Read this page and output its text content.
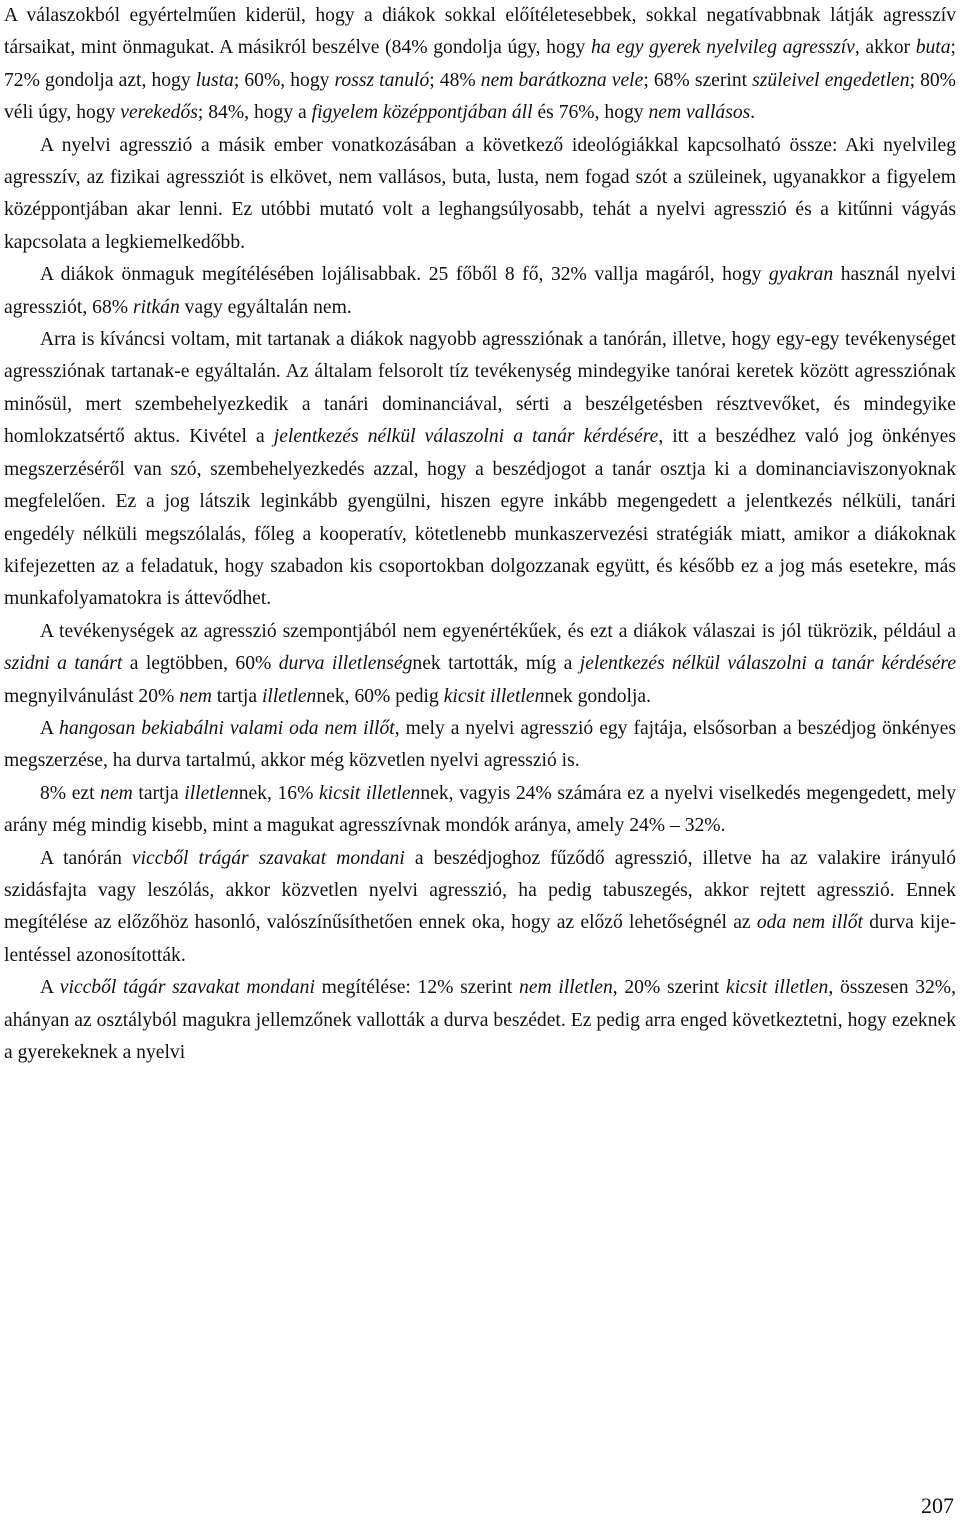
A válaszokból egyértelműen kiderül, hogy a diákok sokkal előítéletesebbek, sokkal negatívabbnak látják agresszív társaikat, mint önmagukat. A másikról beszélve (84% gondolja úgy, hogy ha egy gyerek nyelvileg agresszív, akkor buta; 72% gondolja azt, hogy lusta; 60%, hogy rossz tanuló; 48% nem barátkozna vele; 68% szerint szüleivel engedetlen; 80% véli úgy, hogy verekedős; 84%, hogy a figyelem középpontjában áll és 76%, hogy nem vallásos.

A nyelvi agresszió a másik ember vonatkozásában a következő ideológiákkal kapcsolható össze: Aki nyelvileg agresszív, az fizikai agressziót is elkövet, nem vallásos, buta, lusta, nem fogad szót a szüleinek, ugyanakkor a figyelem középpontjában akar lenni. Ez utóbbi mutató volt a leghangsúlyosabb, tehát a nyelvi agresszió és a kitűnni vágyás kapcsolata a legkiemelkedőbb.

A diákok önmaguk megítélésében lojálisabbak. 25 főből 8 fő, 32% vallja magáról, hogy gyakran használ nyelvi agressziót, 68% ritkán vagy egyáltalán nem.

Arra is kíváncsi voltam, mit tartanak a diákok nagyobb agressziónak a tanórán, illetve, hogy egy-egy tevékenységet agressziónak tartanak-e egyáltalán. Az általam felsorolt tíz tevékenység mindegyike tanórai keretek között agressziónak minősül, mert szembehelyezkedik a tanári dominanciával, sérti a beszélgetésben résztvevőket, és mindegyike homlokzatsértő aktus. Kivétel a jelentkezés nélkül válaszolni a tanár kérdésére, itt a beszédhez való jog önkényes megszerzéséről van szó, szembehelyezkedés azzal, hogy a beszédjogot a tanár osztja ki a dominanciaviszonyoknak megfelelően. Ez a jog látszik leginkább gyengülni, hiszen egyre inkább megengedett a jelentkezés nélküli, tanári engedély nélküli megszólalás, főleg a kooperatív, kötetlenebb munkaszervezési stratégiák miatt, amikor a diákoknak kifejezetten az a feladatuk, hogy szabadon kis csoportokban dolgozzanak együtt, és később ez a jog más esetekre, más munkafolyamatokra is áttevődhet.

A tevékenységek az agresszió szempontjából nem egyenértékűek, és ezt a diákok válaszai is jól tükrözik, például a szidni a tanárt a legtöbben, 60% durva illetlenségnek tartották, míg a jelentkezés nélkül válaszolni a tanár kérdésére megnyilvánulást 20% nem tartja illetlennek, 60% pedig kicsit illetlennek gondolja.

A hangosan bekiabálni valami oda nem illőt, mely a nyelvi agresszió egy fajtája, elsősorban a beszédjog önkényes megszerzése, ha durva tartalmú, akkor még közvetlen nyelvi agresszió is.

8% ezt nem tartja illetlennek, 16% kicsit illetlennek, vagyis 24% számára ez a nyelvi viselkedés megengedett, mely arány még mindig kisebb, mint a magukat agresszívnak mondók aránya, amely 24% – 32%.

A tanórán viccből trágár szavakat mondani a beszédjoghoz fűződő agresszió, illetve ha az valakire irányuló szidásfajta vagy leszólás, akkor közvetlen nyelvi agresszió, ha pedig tabuszegés, akkor rejtett agresszió. Ennek megítélése az előzőhöz hasonló, valószínűsíthetően ennek oka, hogy az előző lehetőségnél az oda nem illőt durva kijelentéssel azonosították.

A viccből tágár szavakat mondani megítélése: 12% szerint nem illetlen, 20% szerint kicsit illetlen, összesen 32%, ahányan az osztályból magukra jellemzőnek vallották a durva beszédet. Ez pedig arra enged következtetni, hogy ezeknek a gyerekeknek a nyelvi

207
